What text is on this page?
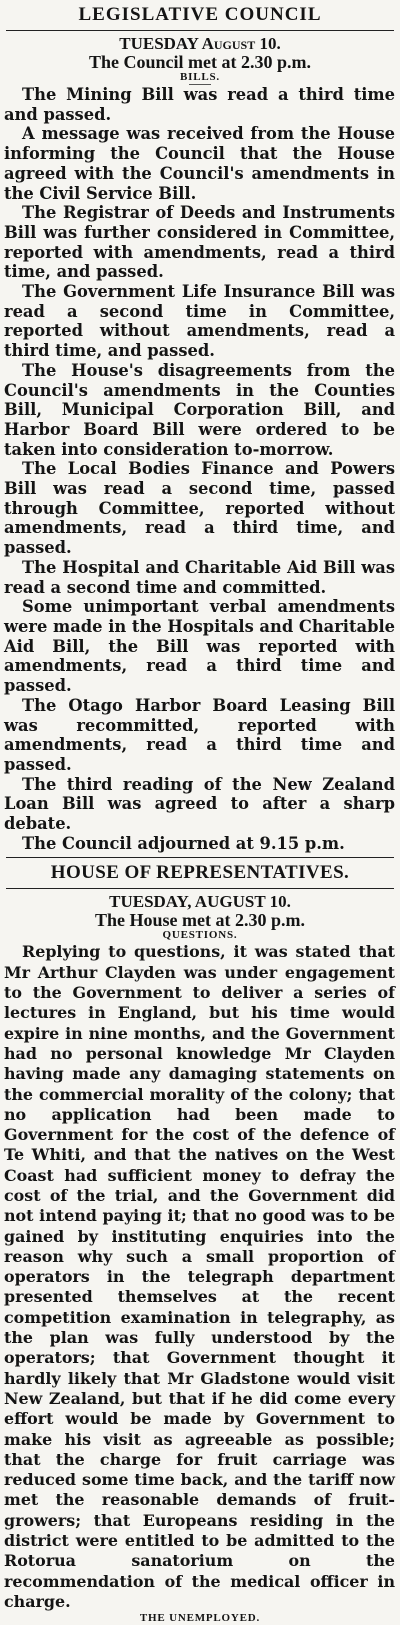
LEGISLATIVE COUNCIL
TUESDAY August 10.
The Council met at 2.30 p.m.
BILLS.

The Mining Bill was read a third time and passed.

A message was received from the House informing the Council that the House agreed with the Council's amendments in the Civil Service Bill.

The Registrar of Deeds and Instruments Bill was further considered in Committee, reported with amendments, read a third time, and passed.

The Government Life Insurance Bill was read a second time in Committee, reported without amendments, read a third time, and passed.

The House's disagreements from the Council's amendments in the Counties Bill, Municipal Corporation Bill, and Harbor Board Bill were ordered to be taken into consideration to-morrow.

The Local Bodies Finance and Powers Bill was read a second time, passed through Committee, reported without amendments, read a third time, and passed.

The Hospital and Charitable Aid Bill was read a second time and committed.

Some unimportant verbal amendments were made in the Hospitals and Charitable Aid Bill, the Bill was reported with amendments, read a third time and passed.

The Otago Harbor Board Leasing Bill was recommitted, reported with amendments, read a third time and passed.

The third reading of the New Zealand Loan Bill was agreed to after a sharp debate.

The Council adjourned at 9.15 p.m.

HOUSE OF REPRESENTATIVES.
TUESDAY, AUGUST 10.
The House met at 2.30 p.m.
QUESTIONS.

Replying to questions, it was stated that Mr Arthur Clayden was under engagement to the Government to deliver a series of lectures in England, but his time would expire in nine months, and the Government had no personal knowledge Mr Clayden having made any damaging statements on the commercial morality of the colony; that no application had been made to Government for the cost of the defence of Te Whiti, and that the natives on the West Coast had sufficient money to defray the cost of the trial, and the Government did not intend paying it; that no good was to be gained by instituting enquiries into the reason why such a small proportion of operators in the telegraph department presented themselves at the recent competition examination in telegraphy, as the plan was fully understood by the operators; that Government thought it hardly likely that Mr Gladstone would visit New Zealand, but that if he did come every effort would be made by Government to make his visit as agreeable as possible; that the charge for fruit carriage was reduced some time back, and the tariff now met the reasonable demands of fruit-growers; that Europeans residing in the district were entitled to be admitted to the Rotorua sanatorium on the recommendation of the medical officer in charge.

THE UNEMPLOYED.
